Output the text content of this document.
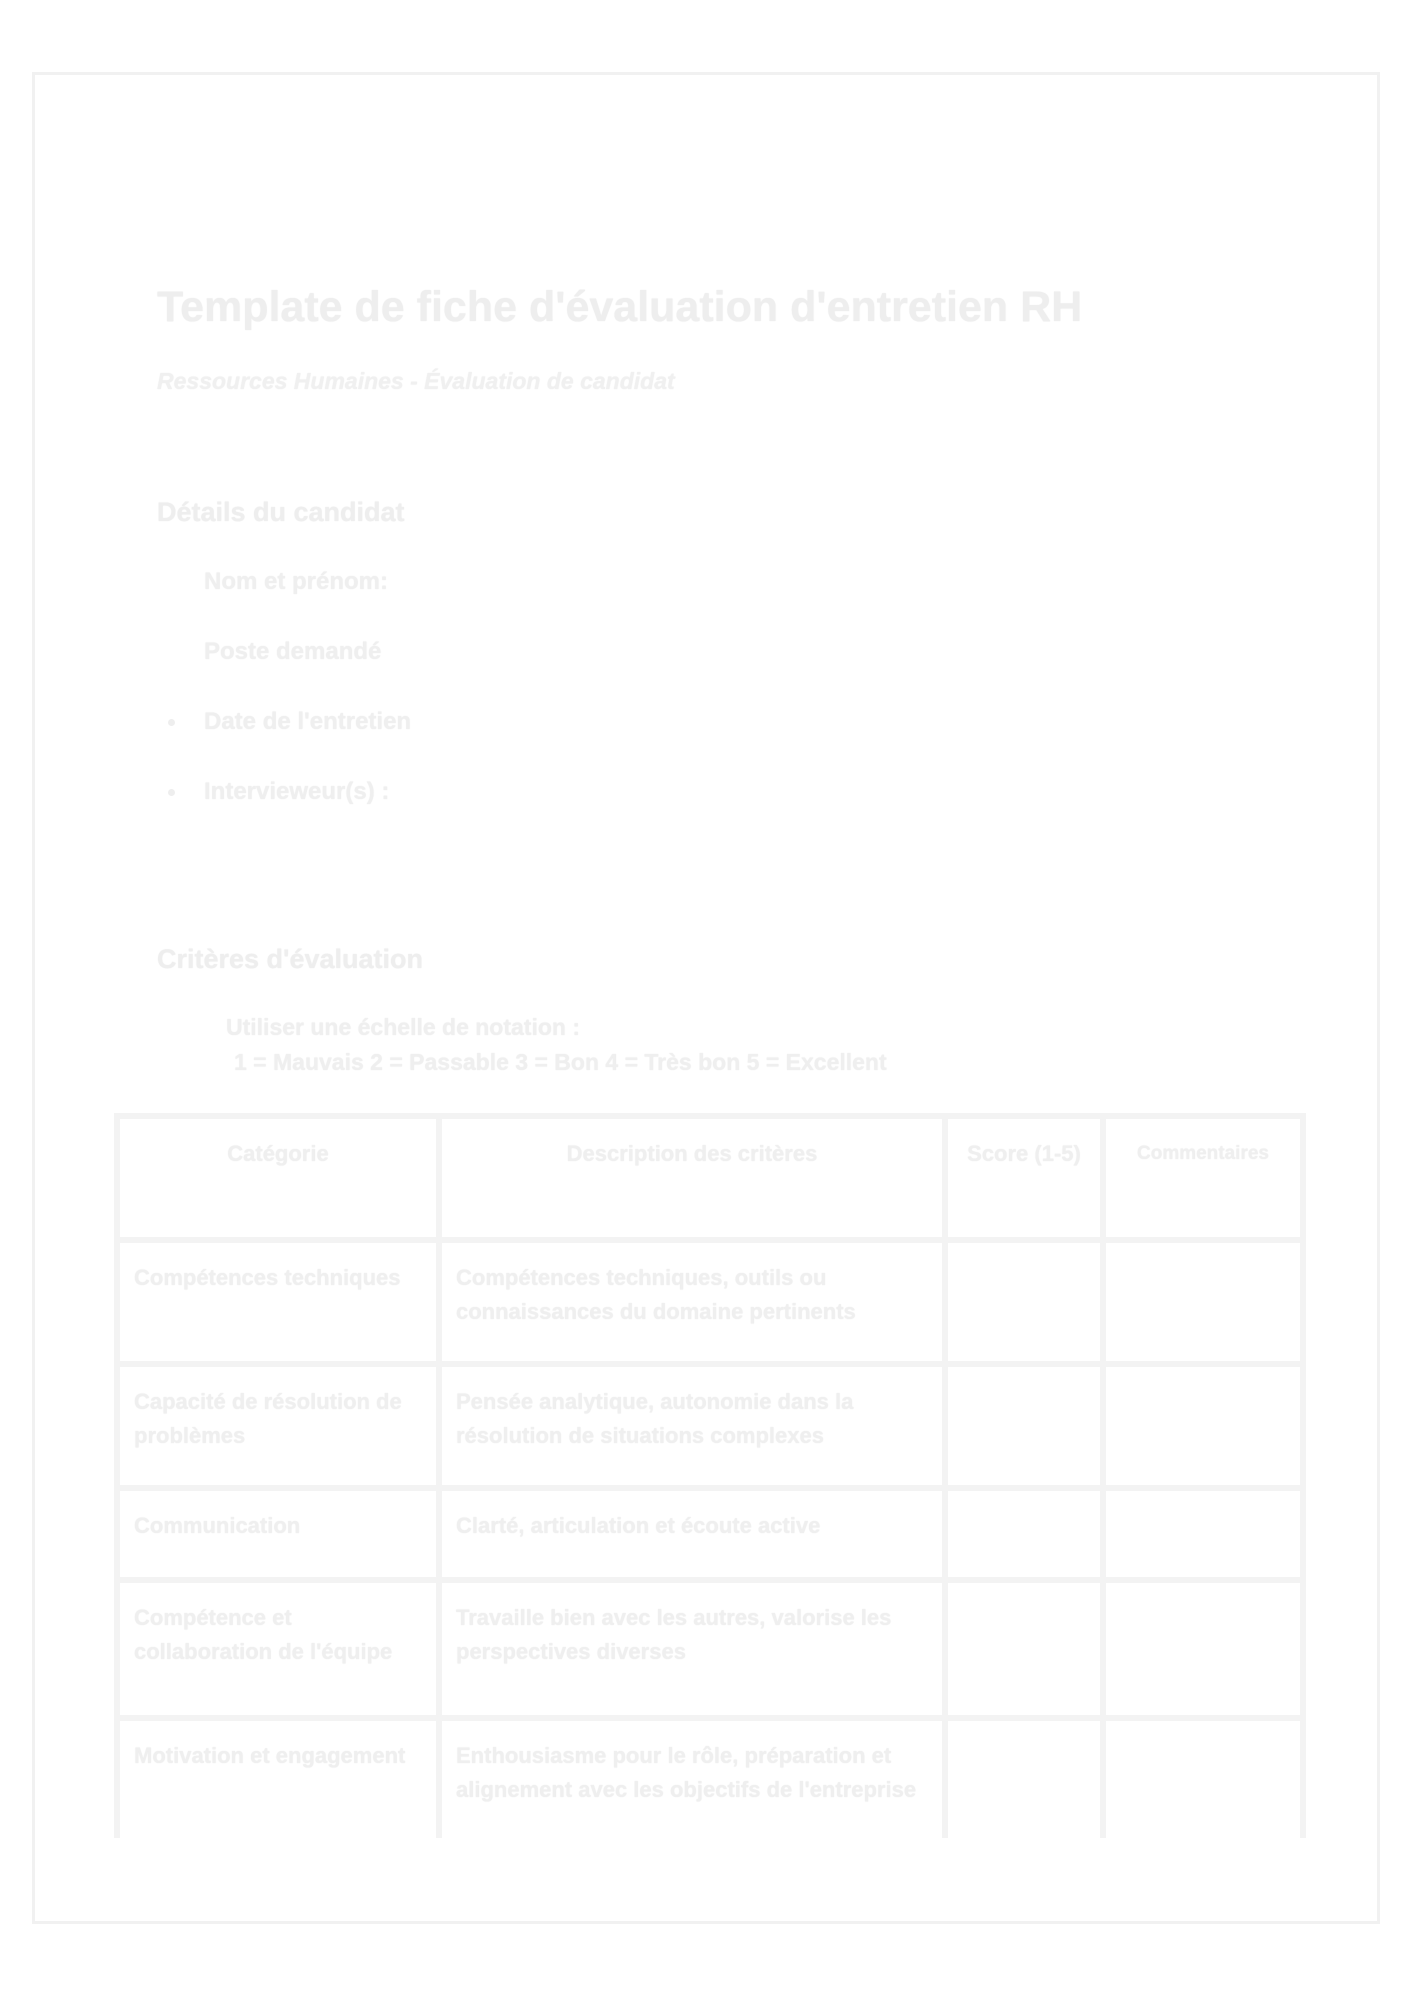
Template de fiche d'évaluation d'entretien RH
Ressources Humaines - Évaluation de candidat
Détails du candidat
Nom et prénom:
Poste demandé
Date de l'entretien
Intervieweur(s) :
Critères d'évaluation
Utiliser une échelle de notation :
1 = Mauvais 2 = Passable 3 = Bon 4 = Très bon 5 = Excellent
Catégorie	Description des critères	Score (1-5)	Commentaires
Compétences techniques	Compétences techniques, outils ou connaissances du domaine pertinents		
Capacité de résolution de problèmes	Pensée analytique, autonomie dans la résolution de situations complexes		
Communication	Clarté, articulation et écoute active		
Compétence et collaboration de l'équipe	Travaille bien avec les autres, valorise les perspectives diverses		
Motivation et engagement	Enthousiasme pour le rôle, préparation et alignement avec les objectifs de l'entreprise		
